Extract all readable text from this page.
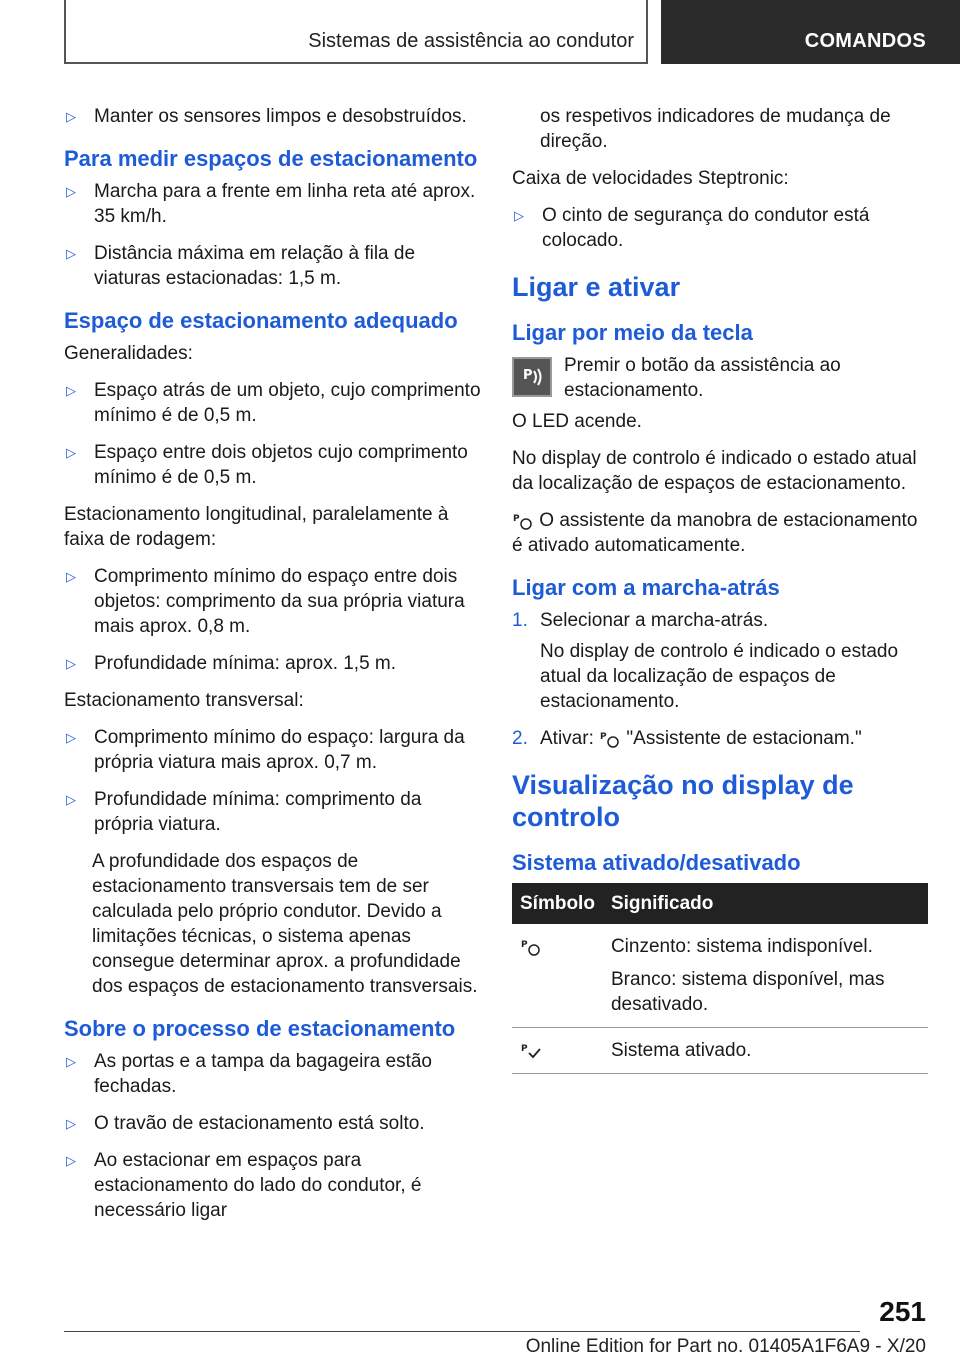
Sistemas de assistência ao condutor	COMANDOS
▷ Manter os sensores limpos e desobstruídos.
Para medir espaços de estacionamento
▷ Marcha para a frente em linha reta até aprox. 35 km/h.
▷ Distância máxima em relação à fila de viaturas estacionadas: 1,5 m.
Espaço de estacionamento adequado
Generalidades:
▷ Espaço atrás de um objeto, cujo comprimento mínimo é de 0,5 m.
▷ Espaço entre dois objetos cujo comprimento mínimo é de 0,5 m.
Estacionamento longitudinal, paralelamente à faixa de rodagem:
▷ Comprimento mínimo do espaço entre dois objetos: comprimento da sua própria viatura mais aprox. 0,8 m.
▷ Profundidade mínima: aprox. 1,5 m.
Estacionamento transversal:
▷ Comprimento mínimo do espaço: largura da própria viatura mais aprox. 0,7 m.
▷ Profundidade mínima: comprimento da própria viatura.
A profundidade dos espaços de estacionamento transversais tem de ser calculada pelo próprio condutor. Devido a limitações técnicas, o sistema apenas consegue determinar aprox. a profundidade dos espaços de estacionamento transversais.
Sobre o processo de estacionamento
▷ As portas e a tampa da bagageira estão fechadas.
▷ O travão de estacionamento está solto.
▷ Ao estacionar em espaços para estacionamento do lado do condutor, é necessário ligar
os respetivos indicadores de mudança de direção.
Caixa de velocidades Steptronic:
▷ O cinto de segurança do condutor está colocado.
Ligar e ativar
Ligar por meio da tecla
P Premir o botão da assistência ao estacionamento.
O LED acende.
No display de controlo é indicado o estado atual da localização de espaços de estacionamento.
P O assistente da manobra de estacionamento é ativado automaticamente.
Ligar com a marcha-atrás
1. Selecionar a marcha-atrás.
No display de controlo é indicado o estado atual da localização de espaços de estacionamento.
2. Ativar: P "Assistente de estacionam."
Visualização no display de controlo
Sistema ativado/desativado
Símbolo	Significado

P	Cinzento: sistema indisponível.

Branco: sistema disponível, mas desativado.

P	Sistema ativado.
251
Online Edition for Part no. 01405A1F6A9 - X/20
